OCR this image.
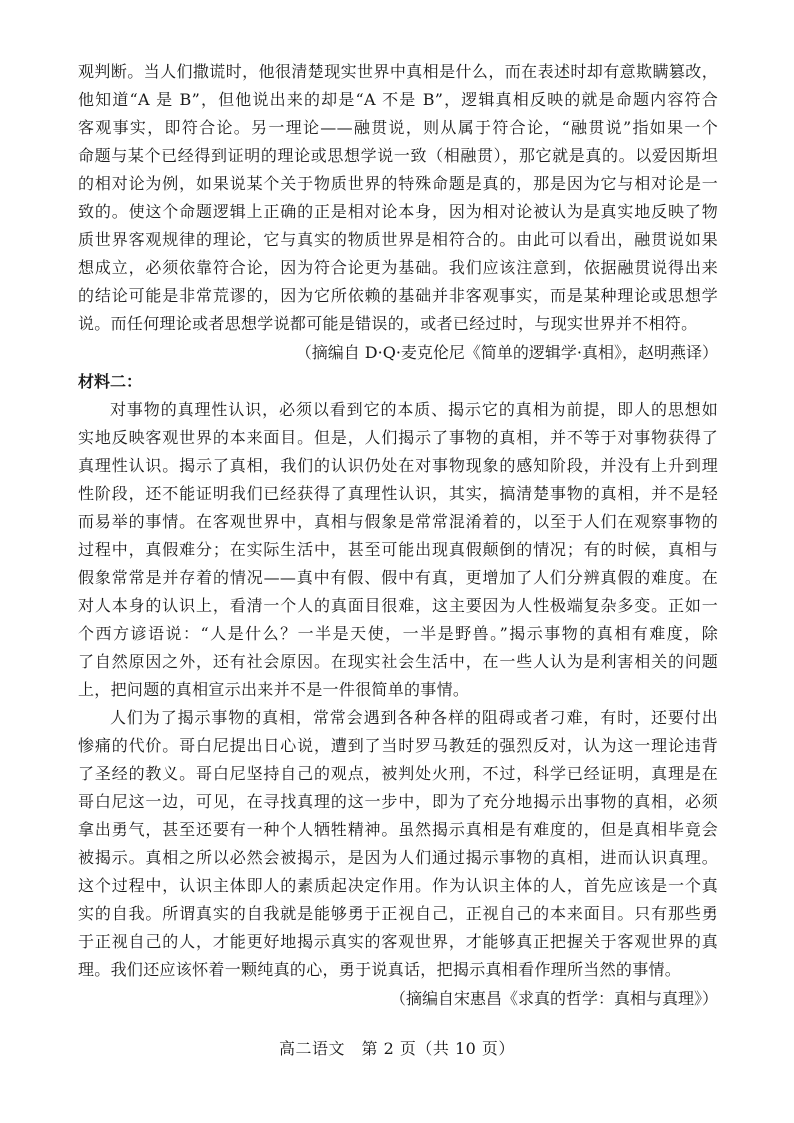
观判断。当人们撒谎时，他很清楚现实世界中真相是什么，而在表述时却有意欺瞒篡改，
他知道“A 是 B”，但他说出来的却是“A 不是 B”，逻辑真相反映的就是命题内容符合
客观事实，即符合论。另一理论——融贯说，则从属于符合论，“融贯说”指如果一个
命题与某个已经得到证明的理论或思想学说一致（相融贯），那它就是真的。以爱因斯坦
的相对论为例，如果说某个关于物质世界的特殊命题是真的，那是因为它与相对论是一
致的。使这个命题逻辑上正确的正是相对论本身，因为相对论被认为是真实地反映了物
质世界客观规律的理论，它与真实的物质世界是相符合的。由此可以看出，融贯说如果
想成立，必须依靠符合论，因为符合论更为基础。我们应该注意到，依据融贯说得出来
的结论可能是非常荒谬的，因为它所依赖的基础并非客观事实，而是某种理论或思想学
说。而任何理论或者思想学说都可能是错误的，或者已经过时，与现实世界并不相符。
（摘编自 D·Q·麦克伦尼《简单的逻辑学·真相》，赵明燕译）
材料二：
对事物的真理性认识，必须以看到它的本质、揭示它的真相为前提，即人的思想如
实地反映客观世界的本来面目。但是，人们揭示了事物的真相，并不等于对事物获得了
真理性认识。揭示了真相，我们的认识仍处在对事物现象的感知阶段，并没有上升到理
性阶段，还不能证明我们已经获得了真理性认识，其实，搞清楚事物的真相，并不是轻
而易举的事情。在客观世界中，真相与假象是常常混淆着的，以至于人们在观察事物的
过程中，真假难分；在实际生活中，甚至可能出现真假颠倒的情况；有的时候，真相与
假象常常是并存着的情况——真中有假、假中有真，更增加了人们分辨真假的难度。在
对人本身的认识上，看清一个人的真面目很难，这主要因为人性极端复杂多变。正如一
个西方谚语说：“人是什么？一半是天使，一半是野兽。”揭示事物的真相有难度，除
了自然原因之外，还有社会原因。在现实社会生活中，在一些人认为是利害相关的问题
上，把问题的真相宣示出来并不是一件很简单的事情。
人们为了揭示事物的真相，常常会遇到各种各样的阻碍或者刁难，有时，还要付出
惨痛的代价。哥白尼提出日心说，遭到了当时罗马教廷的强烈反对，认为这一理论违背
了圣经的教义。哥白尼坚持自己的观点，被判处火刑，不过，科学已经证明，真理是在
哥白尼这一边，可见，在寻找真理的这一步中，即为了充分地揭示出事物的真相，必须
拿出勇气，甚至还要有一种个人牺牲精神。虽然揭示真相是有难度的，但是真相毕竟会
被揭示。真相之所以必然会被揭示，是因为人们通过揭示事物的真相，进而认识真理。
这个过程中，认识主体即人的素质起决定作用。作为认识主体的人，首先应该是一个真
实的自我。所谓真实的自我就是能够勇于正视自己，正视自己的本来面目。只有那些勇
于正视自己的人，才能更好地揭示真实的客观世界，才能够真正把握关于客观世界的真
理。我们还应该怀着一颗纯真的心，勇于说真话，把揭示真相看作理所当然的事情。
（摘编自宋惠昌《求真的哲学：真相与真理》）
高二语文　第 2 页（共 10 页）
